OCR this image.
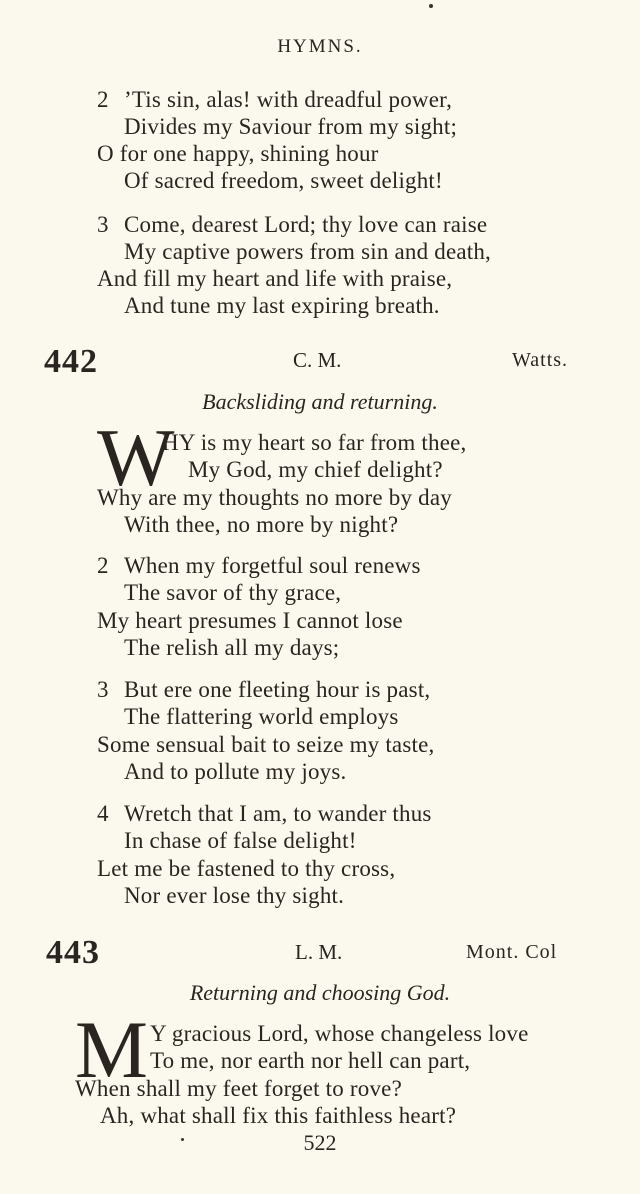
HYMNS.
2 ’Tis sin, alas! with dreadful power,
Divides my Saviour from my sight;
O for one happy, shining hour
Of sacred freedom, sweet delight!
3 Come, dearest Lord; thy love can raise
My captive powers from sin and death,
And fill my heart and life with praise,
And tune my last expiring breath.
442	C. M.	Watts.
Backsliding and returning.
W
HY is my heart so far from thee,
My God, my chief delight?
Why are my thoughts no more by day
With thee, no more by night?
2 When my forgetful soul renews
The savor of thy grace,
My heart presumes I cannot lose
The relish all my days;
3 But ere one fleeting hour is past,
The flattering world employs
Some sensual bait to seize my taste,
And to pollute my joys.
4 Wretch that I am, to wander thus
In chase of false delight!
Let me be fastened to thy cross,
Nor ever lose thy sight.
443	L. M.	Mont. Col
Returning and choosing God.
M Y gracious Lord, whose changeless love
To me, nor earth nor hell can part,
When shall my feet forget to rove?
Ah, what shall fix this faithless heart?
522
